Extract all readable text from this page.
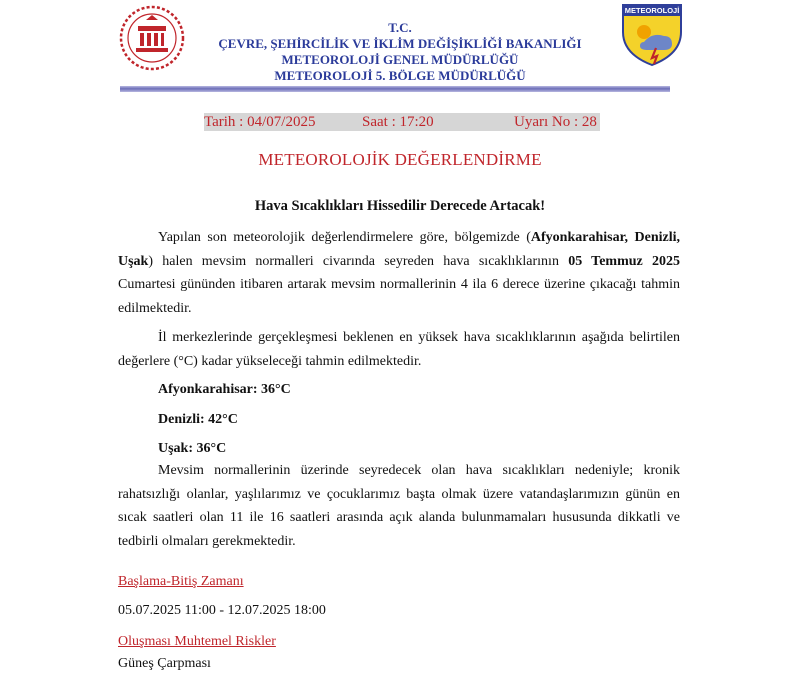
T.C.
ÇEVRE, ŞEHİRCİLİK VE İKLİM DEĞİŞİKLİĞİ BAKANLIĞI
METEOROLOJİ GENEL MÜDÜRLÜĞÜ
METEOROLOJİ 5. BÖLGE MÜDÜRLÜĞÜ
METEOROLOJİ
Tarih : 04/07/2025	Saat : 17:20	Uyarı No : 28
METEOROLOJİK DEĞERLENDİRME
Hava Sıcaklıkları Hissedilir Derecede Artacak!

Yapılan son meteorolojik değerlendirmelere göre, bölgemizde (Afyonkarahisar, Denizli, Uşak) halen mevsim normalleri civarında seyreden hava sıcaklıklarının 05 Temmuz 2025 Cumartesi gününden itibaren artarak mevsim normallerinin 4 ila 6 derece üzerine çıkacağı tahmin edilmektedir.

İl merkezlerinde gerçekleşmesi beklenen en yüksek hava sıcaklıklarının aşağıda belirtilen değerlere (°C) kadar yükseleceği tahmin edilmektedir.

Afyonkarahisar: 36°C

Denizli: 42°C

Uşak: 36°C

Mevsim normallerinin üzerinde seyredecek olan hava sıcaklıkları nedeniyle; kronik rahatsızlığı olanlar, yaşlılarımız ve çocuklarımız başta olmak üzere vatandaşlarımızın günün en sıcak saatleri olan 11 ile 16 saatleri arasında açık alanda bulunmamaları hususunda dikkatli ve tedbirli olmaları gerekmektedir.

Başlama-Bitiş Zamanı
05.07.2025 11:00 - 12.07.2025 18:00
Oluşması Muhtemel Riskler
Güneş Çarpması
